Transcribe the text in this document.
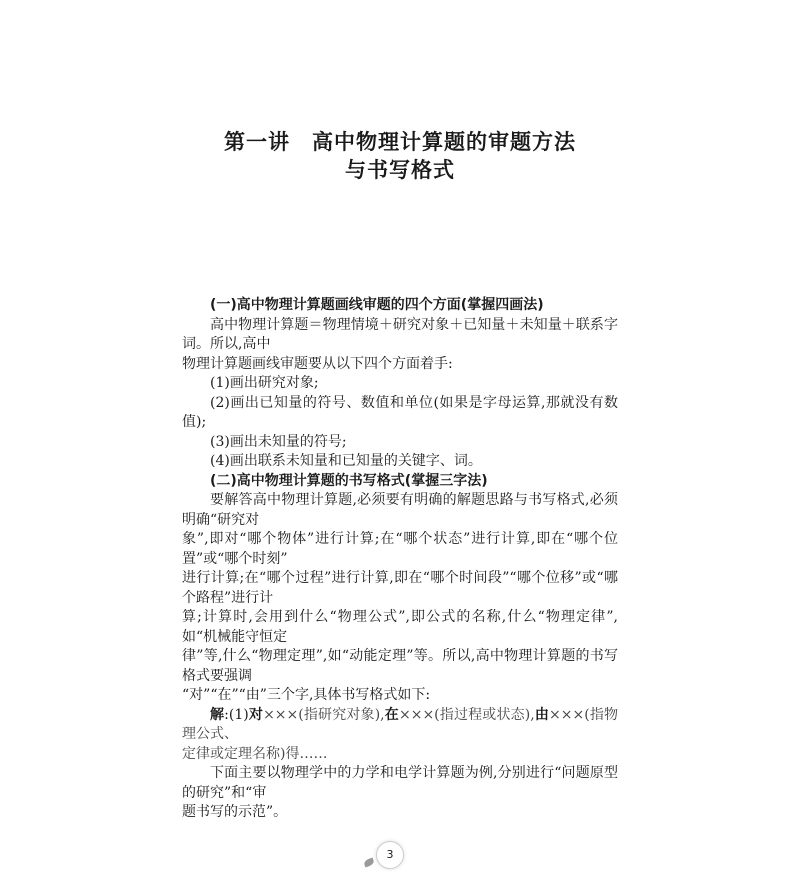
第一讲　高中物理计算题的审题方法
与书写格式
(一)高中物理计算题画线审题的四个方面(掌握四画法)
高中物理计算题＝物理情境＋研究对象＋已知量＋未知量＋联系字词。所以,高中
物理计算题画线审题要从以下四个方面着手:
(1)画出研究对象;
(2)画出已知量的符号、数值和单位(如果是字母运算,那就没有数值);
(3)画出未知量的符号;
(4)画出联系未知量和已知量的关键字、词。
(二)高中物理计算题的书写格式(掌握三字法)
要解答高中物理计算题,必须要有明确的解题思路与书写格式,必须明确“研究对
象”,即对“哪个物体”进行计算;在“哪个状态”进行计算,即在“哪个位置”或“哪个时刻”
进行计算;在“哪个过程”进行计算,即在“哪个时间段”“哪个位移”或“哪个路程”进行计
算;计算时,会用到什么“物理公式”,即公式的名称,什么“物理定律”,如“机械能守恒定
律”等,什么“物理定理”,如“动能定理”等。所以,高中物理计算题的书写格式要强调
“对”“在”“由”三个字,具体书写格式如下:
解:(1)对×××(指研究对象),在×××(指过程或状态),由×××(指物理公式、
定律或定理名称)得……
下面主要以物理学中的力学和电学计算题为例,分别进行“问题原型的研究”和“审
题书写的示范”。
3
